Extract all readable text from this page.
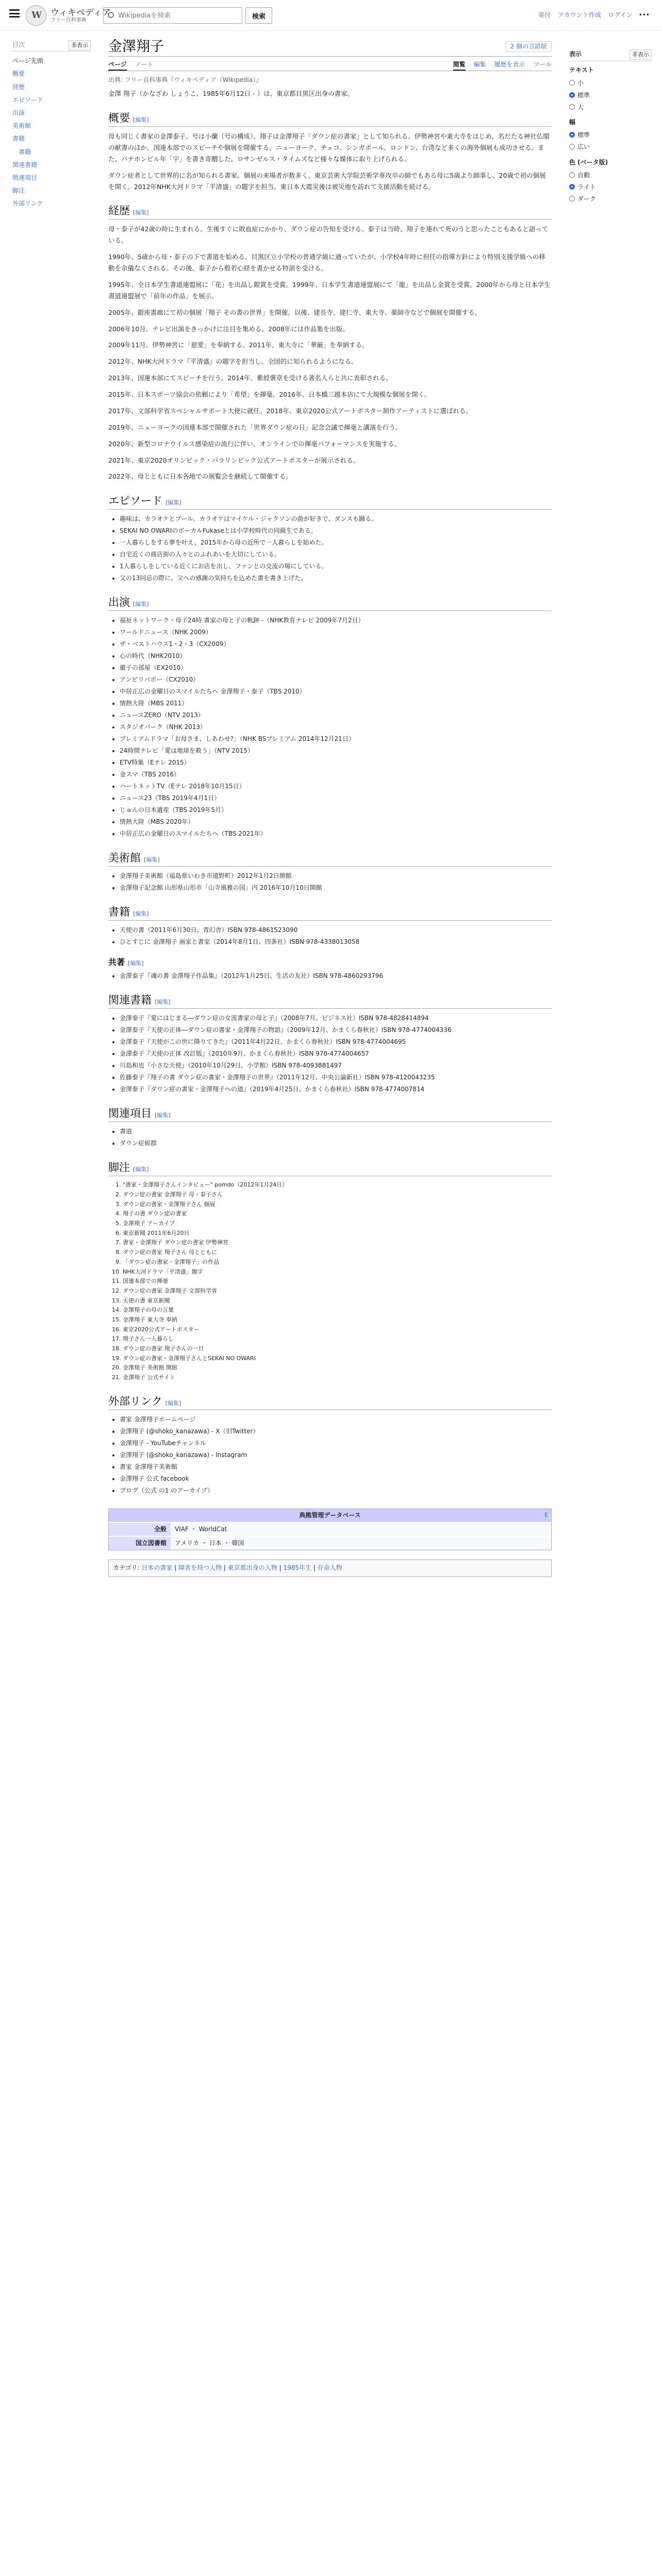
W
ウィキペディア
フリー百科事典
Wikipediaを検索	検索	寄付 アカウント作成 ログイン •••
目次	非表示
ページ先頭
概要
経歴
エピソード
出演
美術館
書籍
書籍
関連書籍
関連項目
脚注
外部リンク
表示	非表示
テキスト
小
標準
大
幅
標準
広い
色 (ベータ版)
自動
ライト
ダーク
金澤翔子	2 個の言語版
ページ ノート	閲覧 編集 履歴を表示 ツール
出典: フリー百科事典『ウィキペディア（Wikipedia）』

金澤 翔子（かなざわ しょうこ、1985年6月12日 - ）は、東京都目黒区出身の書家。

概要 [編集]

母も同じく書家の金澤泰子。号は小蘭（号の構成）。翔子は金澤翔子「ダウン症の書家」として知られる。伊勢神宮や東大寺をはじめ、名だたる神社仏閣の献書のほか、国連本部でのスピーチや個展を開催する。ニューヨーク、チェコ、シンガポール、ロンドン、台湾など多くの海外個展も成功させる。また、パナホンビル年「宇」を書き寄贈した。ロサンゼルス・タイムズなど様々な媒体に取り上げられる。

ダウン症者として世界的に名が知られる書家。個展の来場者が数多く、東京芸術大学院芸術学専攻卒の師でもある母に5歳より師事し、20歳で初の個展を開く。2012年NHK大河ドラマ「平清盛」の題字を担当。東日本大震災後は被災地を訪れて支援活動を続ける。

経歴 [編集]

母・泰子が42歳の時に生まれる。生後すぐに敗血症にかかり、ダウン症の告知を受ける。泰子は当時、翔子を連れて死のうと思ったこともあると語っている。

1990年、5歳から母・泰子の下で書道を始める。目黒区立小学校の普通学級に通っていたが、小学校4年時に担任の指導方針により特別支援学級への移動を余儀なくされる。その後、泰子から般若心経を書かせる特訓を受ける。

1995年、全日本学生書道連盟展に「花」を出品し銀賞を受賞。1999年、日本学生書道連盟展にて「龍」を出品し金賞を受賞。2000年から母と日本学生書道連盟展で「前年の作品」を展示。

2005年、銀座書廊にて初の個展「翔子 その書の世界」を開催。以後、建長寺、建仁寺、東大寺、薬師寺などで個展を開催する。

2006年10月、テレビ出演をきっかけに注目を集める。2008年には作品集を出版。

2009年11月、伊勢神宮に「慈愛」を奉納する。2011年、東大寺に「華厳」を奉納する。

2012年、NHK大河ドラマ『平清盛』の題字を担当し、全国的に知られるようになる。

2013年、国連本部にてスピーチを行う。2014年、紫綬褒章を受ける著名人らと共に表彰される。

2015年、日本スポーツ協会の依頼により「希望」を揮毫。2016年、日本橋三越本店にて大規模な個展を開く。

2017年、文部科学省スペシャルサポート大使に就任。2018年、東京2020公式アートポスター制作アーティストに選ばれる。

2019年、ニューヨークの国連本部で開催された「世界ダウン症の日」記念会議で揮毫と講演を行う。

2020年、新型コロナウイルス感染症の流行に伴い、オンラインでの揮毫パフォーマンスを実施する。

2021年、東京2020オリンピック・パラリンピック公式アートポスターが展示される。

2022年、母とともに日本各地での展覧会を継続して開催する。

エピソード [編集]
• 趣味は、カラオケとプール。カラオケはマイケル・ジャクソンの曲が好きで、ダンスも踊る。
• SEKAI NO OWARIのボーカルFukaseとは小学校時代の同級生である。
• 一人暮らしをする夢を叶え、2015年から母の近所で一人暮らしを始めた。
• 自宅近くの商店街の人々とのふれあいを大切にしている。
• 1人暮らしをしている近くにお店を出し、ファンとの交流の場にしている。
• 父の13回忌の際に、父への感謝の気持ちを込めた書を書き上げた。
出演 [編集]
• 福祉ネットワーク・母子24時 書家の母と子の軌跡 -（NHK教育テレビ 2009年7月2日）
• ワールドニュース（NHK 2009）
• ザ・ベストハウス1・2・3（CX2009）
• 心の時代（NHK2010）
• 徹子の部屋（EX2010）
• アンビリバボー（CX2010）
• 中居正広の金曜日のスマイルたちへ 金澤翔子・泰子（TBS 2010）
• 情熱大陸（MBS 2011）
• ニュースZERO（NTV 2013）
• スタジオパーク（NHK 2013）
• プレミアムドラマ「お母さま、しあわせ?」（NHK BSプレミアム 2014年12月21日）
• 24時間テレビ「愛は地球を救う」（NTV 2015）
• ETV特集（Eテレ 2015）
• 金スマ（TBS 2016）
• ハートネットTV（Eテレ 2018年10月15日）
• ニュース23（TBS 2019年4月1日）
• じゅんの日本遺産（TBS 2019年5月）
• 情熱大陸（MBS 2020年）
• 中居正広の金曜日のスマイルたちへ（TBS 2021年）
美術館 [編集]
• 金澤翔子美術館（福島県いわき市遠野町）2012年1月2日開館
• 金澤翔子記念館 山形県山形市「山寺風雅の国」内 2016年10月10日開館
書籍 [編集]
• 天使の書（2011年6月30日、青幻舎）ISBN 978-4861523090
• ひとすじに 金澤翔子 画家と書家（2014年8月1日、四条社）ISBN 978-4338013058
共著 [編集]
• 金澤泰子『魂の書 金澤翔子作品集』（2012年1月25日、生活の友社）ISBN 978-4860293796
関連書籍 [編集]
• 金澤泰子『愛にはじまる―ダウン症の女流書家の母と子』（2008年7月、ビジネス社）ISBN 978-4828414894
• 金澤泰子『天使の正体―ダウン症の書家・金澤翔子の物語』（2009年12月、かまくら春秋社）ISBN 978-4774004336
• 金澤泰子『天使がこの世に降りてきた』（2011年4月22日、かまくら春秋社）ISBN 978-4774004695
• 金澤泰子『天使の正体 改訂版』（2010年9月、かまくら春秋社）ISBN 978-4774004657
• 川島和也『小さな天使』（2010年10月29日、小学館）ISBN 978-4093881497
• 佐藤泰子『翔子の書 ダウン症の書家・金澤翔子の世界』（2011年12月、中央公論新社）ISBN 978-4120043235
• 金澤泰子『ダウン症の書家・金澤翔子への道』（2019年4月25日、かまくら春秋社）ISBN 978-4774007814
関連項目 [編集]
• 書道
• ダウン症候群
脚注 [編集]
1. "書家・金澤翔子さんインタビュー" pomdo（2012年1月24日）
2. ダウン症の書家 金澤翔子 母・泰子さん
3. ダウン症の書家・金澤翔子さん 個展
4. 翔子の書 ダウン症の書家
5. 金澤翔子 アーカイブ
6. 東京新聞 2011年6月20日
7. 書家・金澤翔子 ダウン症の書家 伊勢神宮
8. ダウン症の書家 翔子さん 母とともに
9. 「ダウン症の書家・金澤翔子」の作品
10. NHK大河ドラマ「平清盛」題字
11. 国連本部での揮毫
12. ダウン症の書家 金澤翔子 文部科学省
13. 天使の書 東京新聞
14. 金澤翔子の母の言葉
15. 金澤翔子 東大寺 奉納
16. 東京2020公式アートポスター
17. 翔子さん一人暮らし
18. ダウン症の書家 翔子さんの一日
19. ダウン症の書家・金澤翔子さんとSEKAI NO OWARI
20. 金澤翔子 美術館 開館
21. 金澤翔子 公式サイト
外部リンク [編集]
• 書家 金澤翔子ホームページ
• 金澤翔子 (@shoko_kanazawa) - X（旧Twitter）
• 金澤翔子 - YouTubeチャンネル
• 金澤翔子 (@shoko_kanazawa) - Instagram
• 書家 金澤翔子美術館
• 金澤翔子 公式 facebook
• プログ（公式 の1 のアーカイブ）
典拠管理データベース	E
全般	VIAF ・ WorldCat
国立図書館	アメリカ ・ 日本 ・ 韓国
カテゴリ: 日本の書家 | 障害を持つ人物 | 東京都出身の人物 | 1985年生 | 存命人物
